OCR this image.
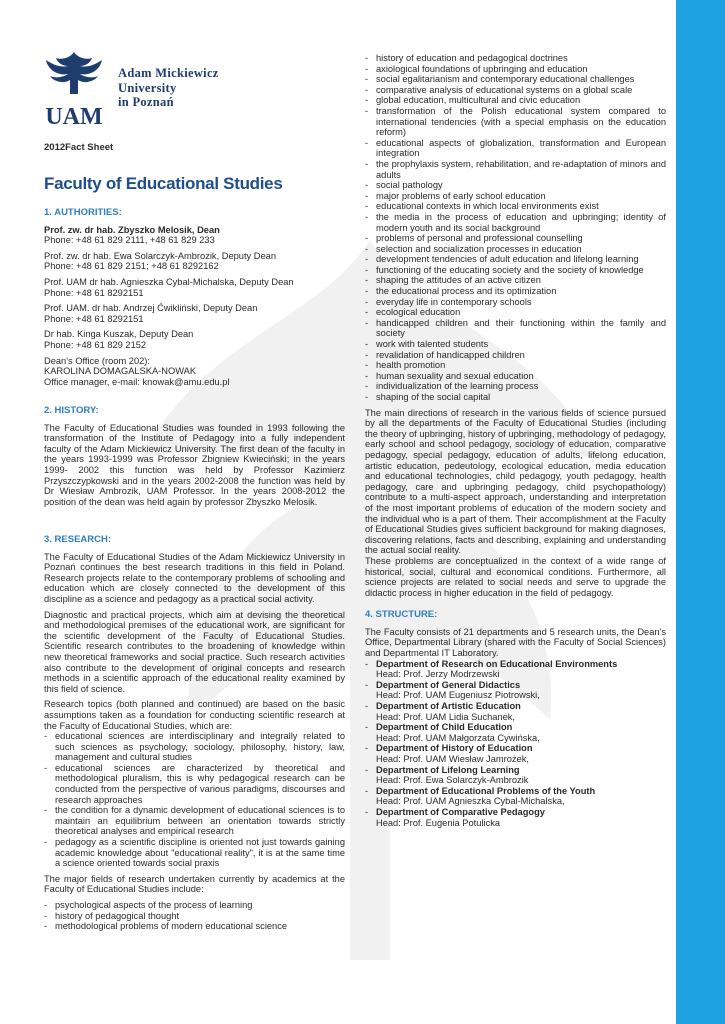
UAM
Adam Mickiewicz
University
in Poznań
2012Fact Sheet
Faculty of Educational Studies
1. AUTHORITIES:
Prof. zw. dr hab. Zbyszko Melosik, Dean
Phone: +48 61 829 2111, +48 61 829 233
Prof. zw. dr hab. Ewa Solarczyk-Ambrozik, Deputy Dean
Phone: +48 61 829 2151; +48 61 8292162
Prof. UAM dr hab. Agnieszka Cybal-Michalska, Deputy Dean
Phone: +48 61 8292151
Prof. UAM. dr hab. Andrzej Ćwikliński, Deputy Dean
Phone: +48 61 8292151
Dr hab. Kinga Kuszak, Deputy Dean
Phone: +48 61 829 2152
Dean's Office (room 202):
KAROLINA DOMAGALSKA-NOWAK
Office manager, e-mail: knowak@amu.edu.pl
2. HISTORY:

The Faculty of Educational Studies was founded in 1993 following the transformation of the Institute of Pedagogy into a fully independent faculty of the Adam Mickiewicz University. The first dean of the faculty in the years 1993-1999 was Professor Zbigniew Kwieciński; in the years 1999- 2002 this function was held by Professor Kazimierz Przyszczypkowski and in the years 2002-2008 the function was held by Dr Wiesław Ambrozik, UAM Professor. In the years 2008-2012 the position of the dean was held again by professor Zbyszko Melosik.

3. RESEARCH:

The Faculty of Educational Studies of the Adam Mickiewicz University in Poznań continues the best research traditions in this field in Poland. Research projects relate to the contemporary problems of schooling and education which are closely connected to the development of this discipline as a science and pedagogy as a practical social activity.

Diagnostic and practical projects, which aim at devising the theoretical and methodological premises of the educational work, are significant for the scientific development of the Faculty of Educational Studies. Scientific research contributes to the broadening of knowledge within new theoretical frameworks and social practice. Such research activities also contribute to the development of original concepts and research methods in a scientific approach of the educational reality examined by this field of science.

Research topics (both planned and continued) are based on the basic assumptions taken as a foundation for conducting scientific research at the Faculty of Educational Studies, which are:

- educational sciences are interdisciplinary and integrally related to such sciences as psychology, sociology, philosophy, history, law, management and cultural studies
- educational sciences are characterized by theoretical and methodological pluralism, this is why pedagogical research can be conducted from the perspective of various paradigms, discourses and research approaches
- the condition for a dynamic development of educational sciences is to maintain an equilibrium between an orientation towards strictly theoretical analyses and empirical research
- pedagogy as a scientific discipline is oriented not just towards gaining academic knowledge about "educational reality", it is at the same time a science oriented towards social praxis

The major fields of research undertaken currently by academics at the Faculty of Educational Studies include:

- psychological aspects of the process of learning
- history of pedagogical thought
- methodological problems of modern educational science
- history of education and pedagogical doctrines
- axiological foundations of upbringing and education
- social egalitarianism and contemporary educational challenges
- comparative analysis of educational systems on a global scale
- global education, multicultural and civic education
- transformation of the Polish educational system compared to international tendencies (with a special emphasis on the education reform)
- educational aspects of globalization, transformation and European integration
- the prophylaxis system, rehabilitation, and re-adaptation of minors and adults
- social pathology
- major problems of early school education
- educational contexts in which local environments exist
- the media in the process of education and upbringing; identity of modern youth and its social background
- problems of personal and professional counselling
- selection and socialization processes in education
- development tendencies of adult education and lifelong learning
- functioning of the educating society and the society of knowledge
- shaping the attitudes of an active citizen
- the educational process and its optimization
- everyday life in contemporary schools
- ecological education
- handicapped children and their functioning within the family and society
- work with talented students
- revalidation of handicapped children
- health promotion
- human sexuality and sexual education
- individualization of the learning process
- shaping of the social capital

The main directions of research in the various fields of science pursued by all the departments of the Faculty of Educational Studies (including the theory of upbringing, history of upbringing, methodology of pedagogy, early school and school pedagogy, sociology of education, comparative pedagogy, special pedagogy, education of adults, lifelong education, artistic education, pedeutology, ecological education, media education and educational technologies, child pedagogy, youth pedagogy, health pedagogy, care and upbringing pedagogy, child psychopathology) contribute to a multi-aspect approach, understanding and interpretation of the most important problems of education of the modern society and the individual who is a part of them. Their accomplishment at the Faculty of Educational Studies gives sufficient background for making diagnoses, discovering relations, facts and describing, explaining and understanding the actual social reality.

These problems are conceptualized in the context of a wide range of historical, social, cultural and economical conditions. Furthermore, all science projects are related to social needs and serve to upgrade the didactic process in higher education in the field of pedagogy.

4. STRUCTURE:

The Faculty consists of 21 departments and 5 research units, the Dean's Office, Departmental Library (shared with the Faculty of Social Sciences) and Departmental IT Laboratory.

- Department of Research on Educational Environments
Head: Prof. Jerzy Modrzewski
- Department of General Didactics
Head: Prof. UAM Eugeniusz Piotrowski,
- Department of Artistic Education
Head: Prof. UAM Lidia Suchanek,
- Department of Child Education
Head: Prof. UAM Małgorzata Cywińska,
- Department of History of Education
Head: Prof. UAM Wiesław Jamrożek,
- Department of Lifelong Learning
Head: Prof. Ewa Solarczyk-Ambrozik
- Department of Educational Problems of the Youth
Head: Prof. UAM Agnieszka Cybal-Michalska,
- Department of Comparative Pedagogy
Head: Prof. Eugenia Potulicka
